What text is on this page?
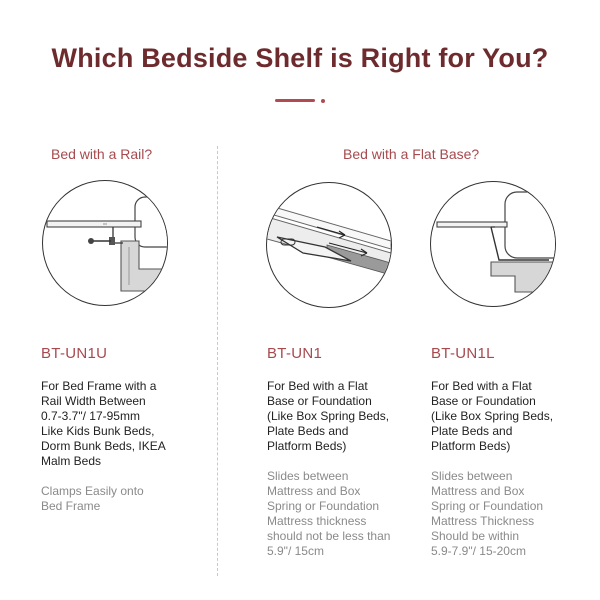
Which Bedside Shelf is Right for You?
Bed with a Rail?	Bed with a Flat Base?
BT-UN1U
For Bed Frame with a
Rail Width Between
0.7-3.7"/ 17-95mm
Like Kids Bunk Beds,
Dorm Bunk Beds, IKEA
Malm Beds
Clamps Easily onto
Bed Frame
BT-UN1
For Bed with a Flat
Base or Foundation
(Like Box Spring Beds,
Plate Beds and
Platform Beds)
Slides between
Mattress and Box
Spring or Foundation
Mattress thickness
should not be less than
5.9"/ 15cm
BT-UN1L
For Bed with a Flat
Base or Foundation
(Like Box Spring Beds,
Plate Beds and
Platform Beds)
Slides between
Mattress and Box
Spring or Foundation
Mattress Thickness
Should be within
5.9-7.9"/ 15-20cm
